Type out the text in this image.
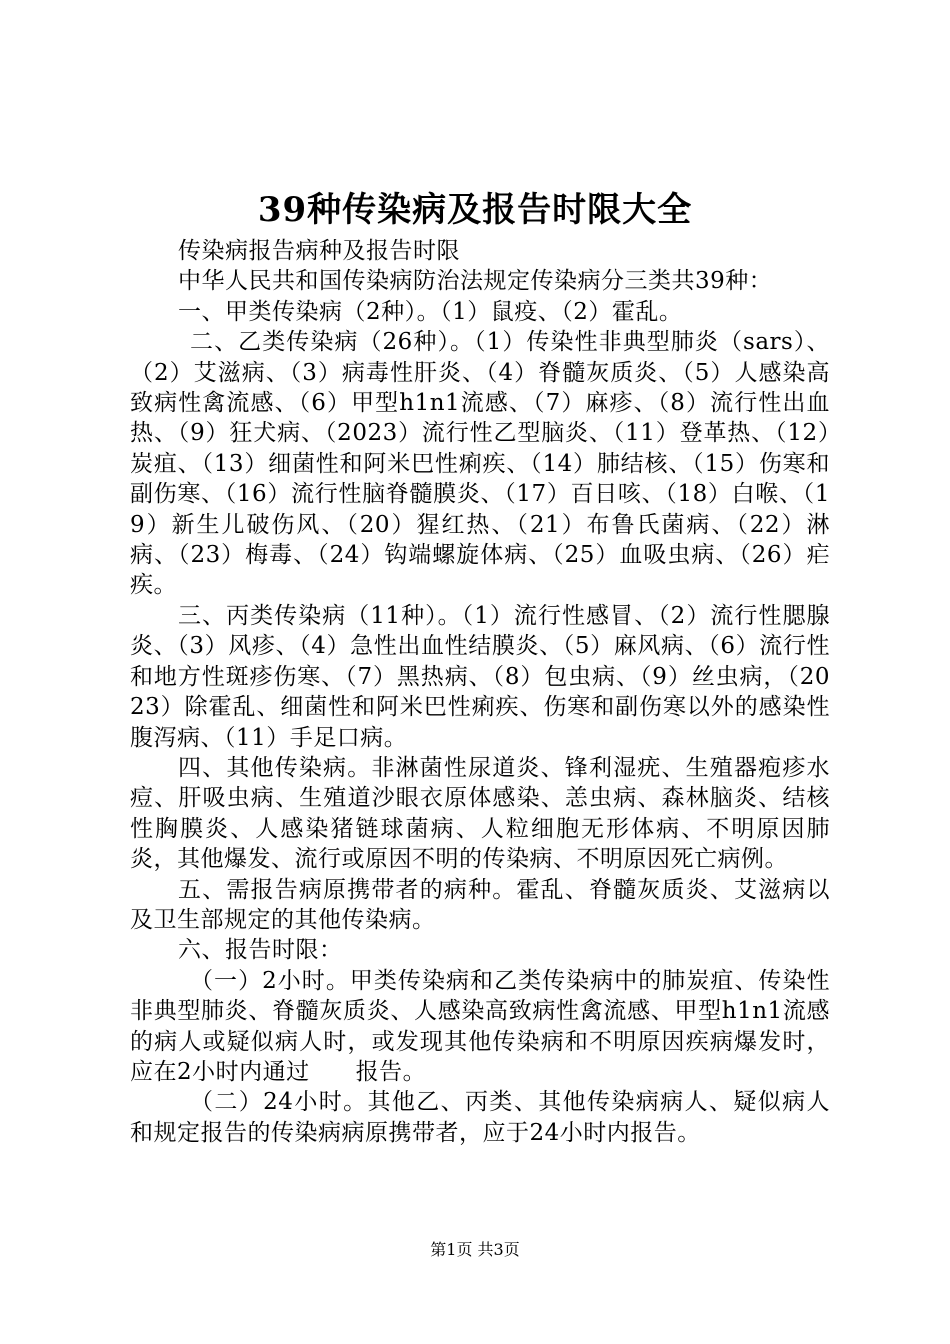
39种传染病及报告时限大全

传染病报告病种及报告时限

中华人民共和国传染病防治法规定传染病分三类共39种：

一、甲类传染病（2种）。（1）鼠疫、（2）霍乱。

二、乙类传染病（26种）。（1）传染性非典型肺炎（sars）、（2）艾滋病、（3）病毒性肝炎、（4）脊髓灰质炎、（5）人感染高致病性禽流感、（6）甲型h1n1流感、（7）麻疹、（8）流行性出血热、（9）狂犬病、（2023）流行性乙型脑炎、（11）登革热、（12）炭疽、（13）细菌性和阿米巴性痢疾、（14）肺结核、（15）伤寒和副伤寒、（16）流行性脑脊髓膜炎、（17）百日咳、（18）白喉、（19）新生儿破伤风、（20）猩红热、（21）布鲁氏菌病、（22）淋病、（23）梅毒、（24）钩端螺旋体病、（25）血吸虫病、（26）疟疾。

三、丙类传染病（11种）。（1）流行性感冒、（2）流行性腮腺炎、（3）风疹、（4）急性出血性结膜炎、（5）麻风病、（6）流行性和地方性斑疹伤寒、（7）黑热病、（8）包虫病、（9）丝虫病，（2023）除霍乱、细菌性和阿米巴性痢疾、伤寒和副伤寒以外的感染性腹泻病、（11）手足口病。

四、其他传染病。非淋菌性尿道炎、锋利湿疣、生殖器疱疹水痘、肝吸虫病、生殖道沙眼衣原体感染、恙虫病、森林脑炎、结核性胸膜炎、人感染猪链球菌病、人粒细胞无形体病、不明原因肺炎，其他爆发、流行或原因不明的传染病、不明原因死亡病例。

五、需报告病原携带者的病种。霍乱、脊髓灰质炎、艾滋病以及卫生部规定的其他传染病。

六、报告时限：

（一）2小时。甲类传染病和乙类传染病中的肺炭疽、传染性非典型肺炎、脊髓灰质炎、人感染高致病性禽流感、甲型h1n1流感的病人或疑似病人时，或发现其他传染病和不明原因疾病爆发时，应在2小时内通过 报告。

（二）24小时。其他乙、丙类、其他传染病病人、疑似病人和规定报告的传染病病原携带者，应于24小时内报告。

第1页 共3页
